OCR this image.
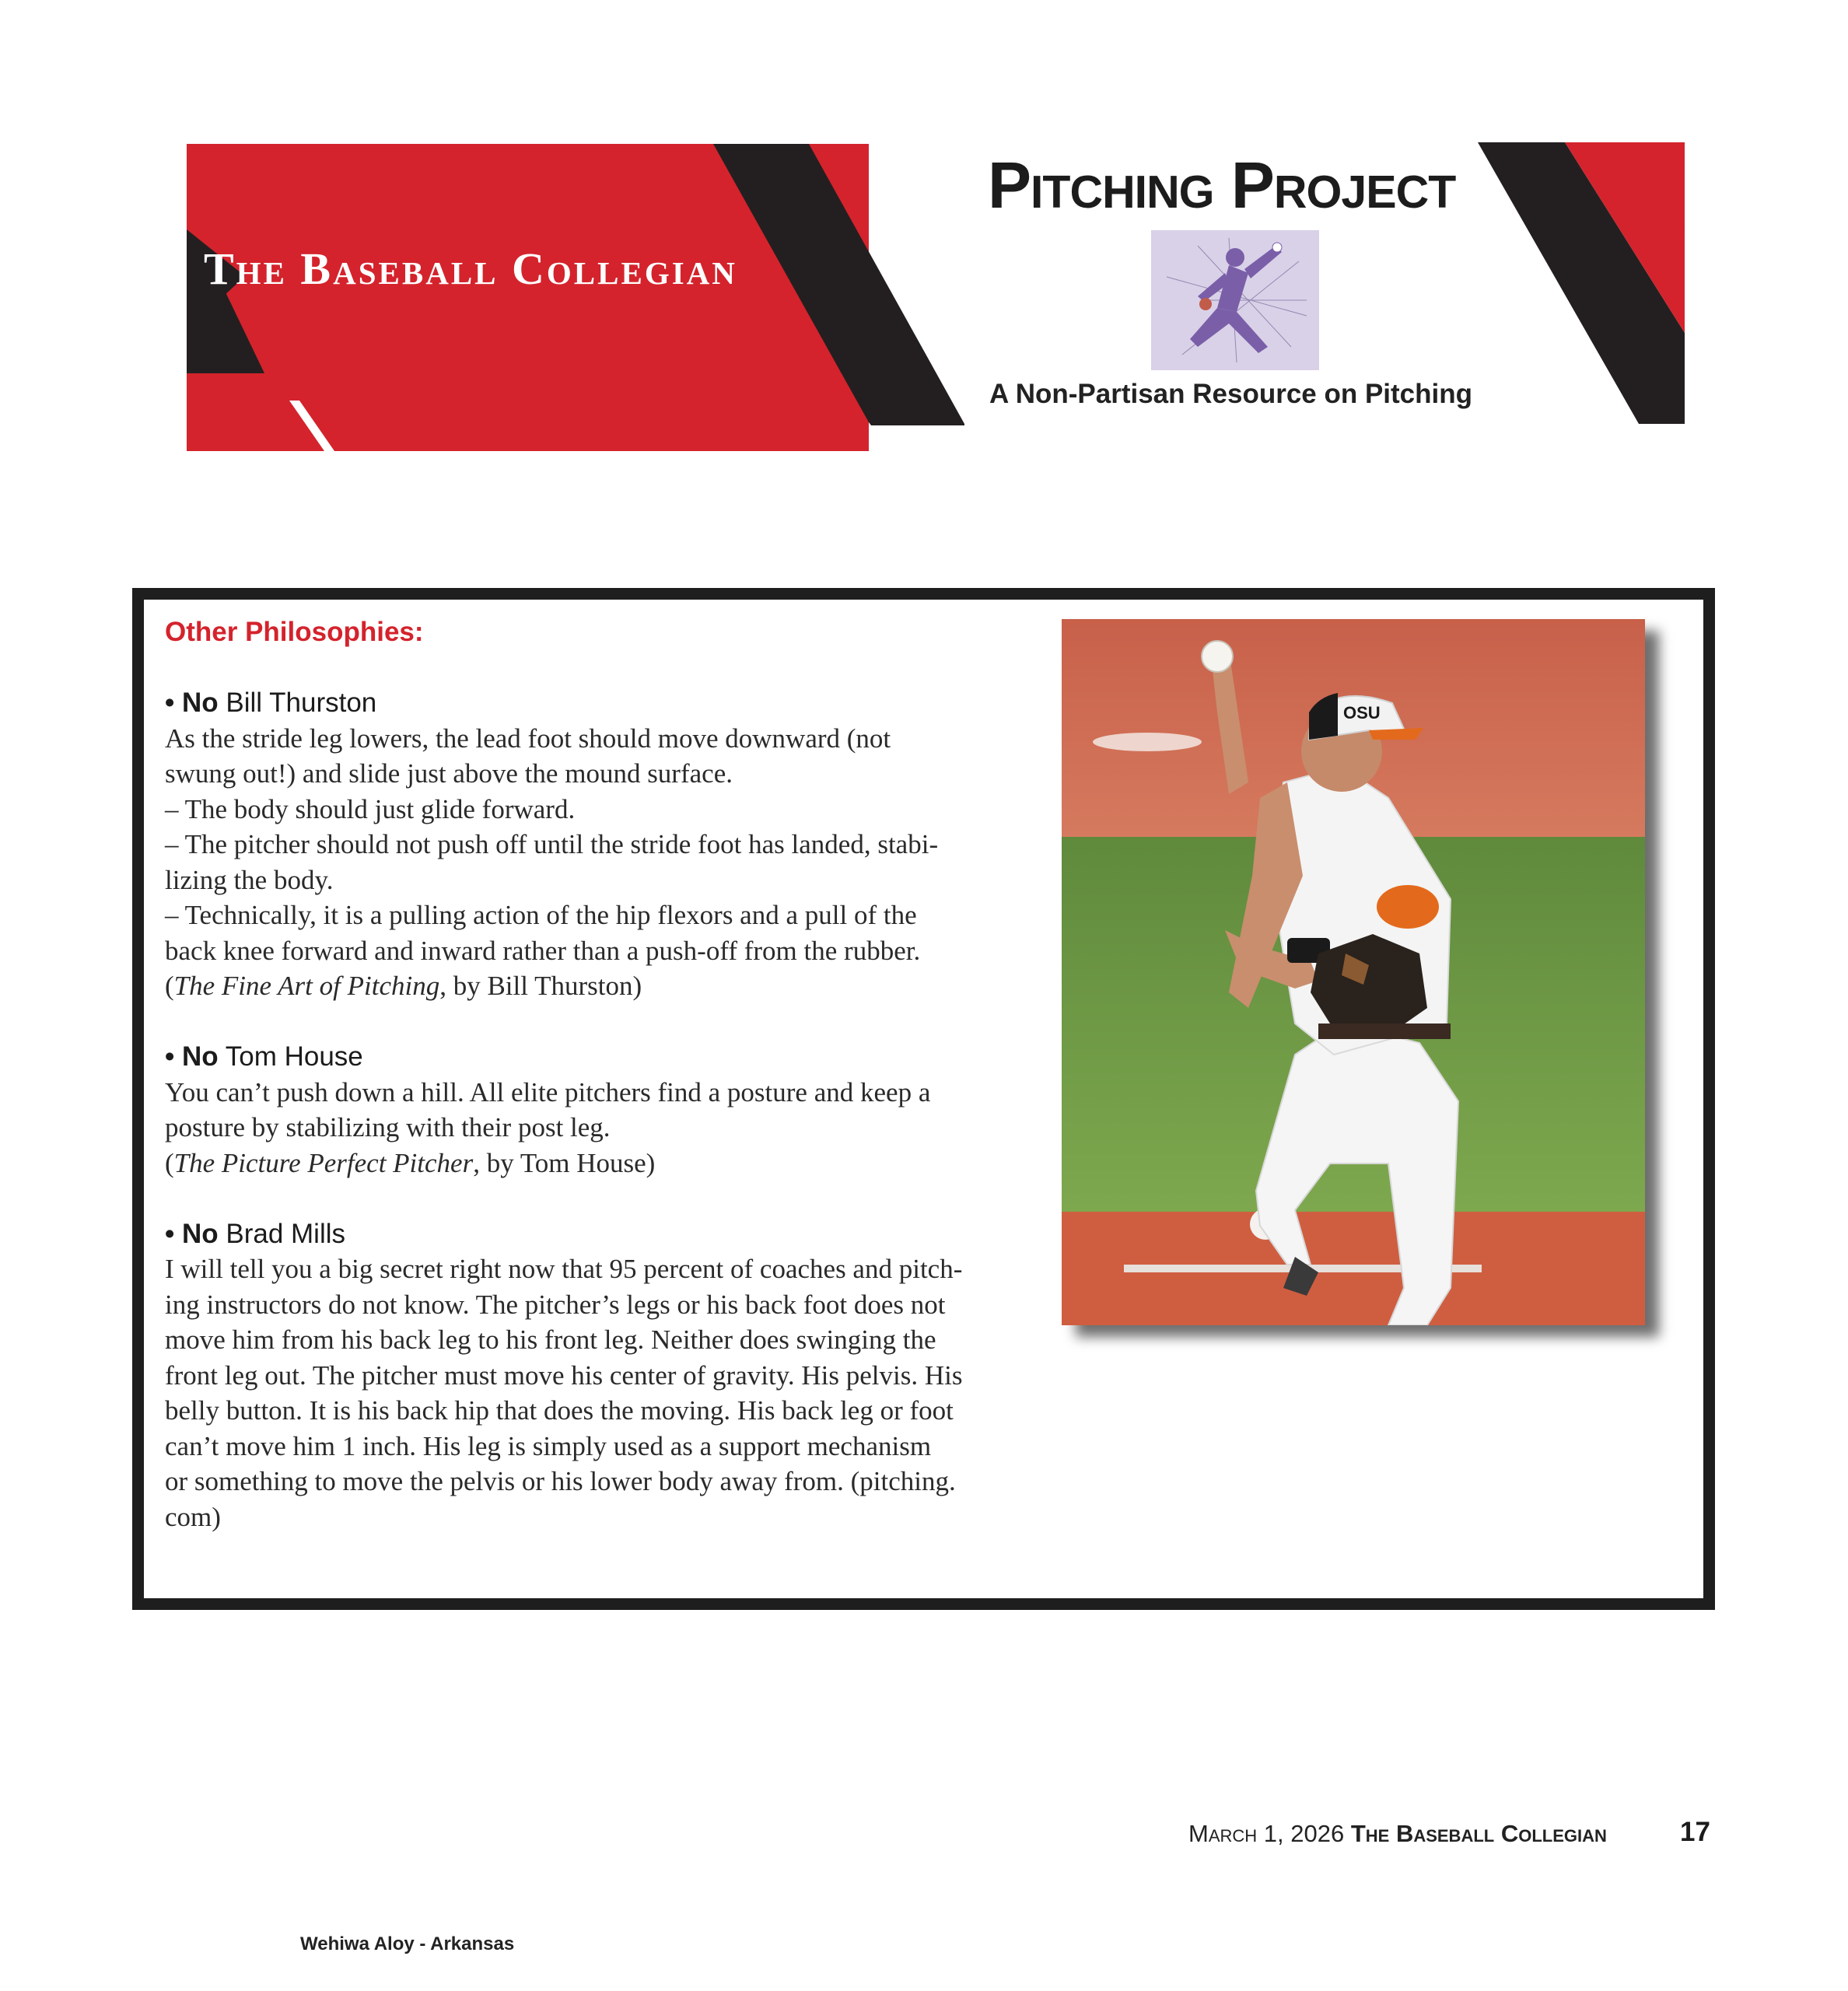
The Baseball Collegian
Pitching Project
A Non-Partisan Resource on Pitching
Other Philosophies:
• No Bill Thurston
As the stride leg lowers, the lead foot should move downward (not
swung out!) and slide just above the mound surface.
– The body should just glide forward.
– The pitcher should not push off until the stride foot has landed, stabi-
lizing the body.
– Technically, it is a pulling action of the hip flexors and a pull of the
back knee forward and inward rather than a push-off from the rubber.
(The Fine Art of Pitching, by Bill Thurston)
• No Tom House
You can’t push down a hill. All elite pitchers find a posture and keep a
posture by stabilizing with their post leg.
(The Picture Perfect Pitcher, by Tom House)
• No Brad Mills
I will tell you a big secret right now that 95 percent of coaches and pitch-
ing instructors do not know. The pitcher’s legs or his back foot does not
move him from his back leg to his front leg. Neither does swinging the
front leg out. The pitcher must move his center of gravity. His pelvis. His
belly button. It is his back hip that does the moving. His back leg or foot
can’t move him 1 inch. His leg is simply used as a support mechanism
or something to move the pelvis or his lower body away from. (pitching.
com)
OSU
March 1, 2026 The Baseball Collegian	17
Wehiwa Aloy - Arkansas
